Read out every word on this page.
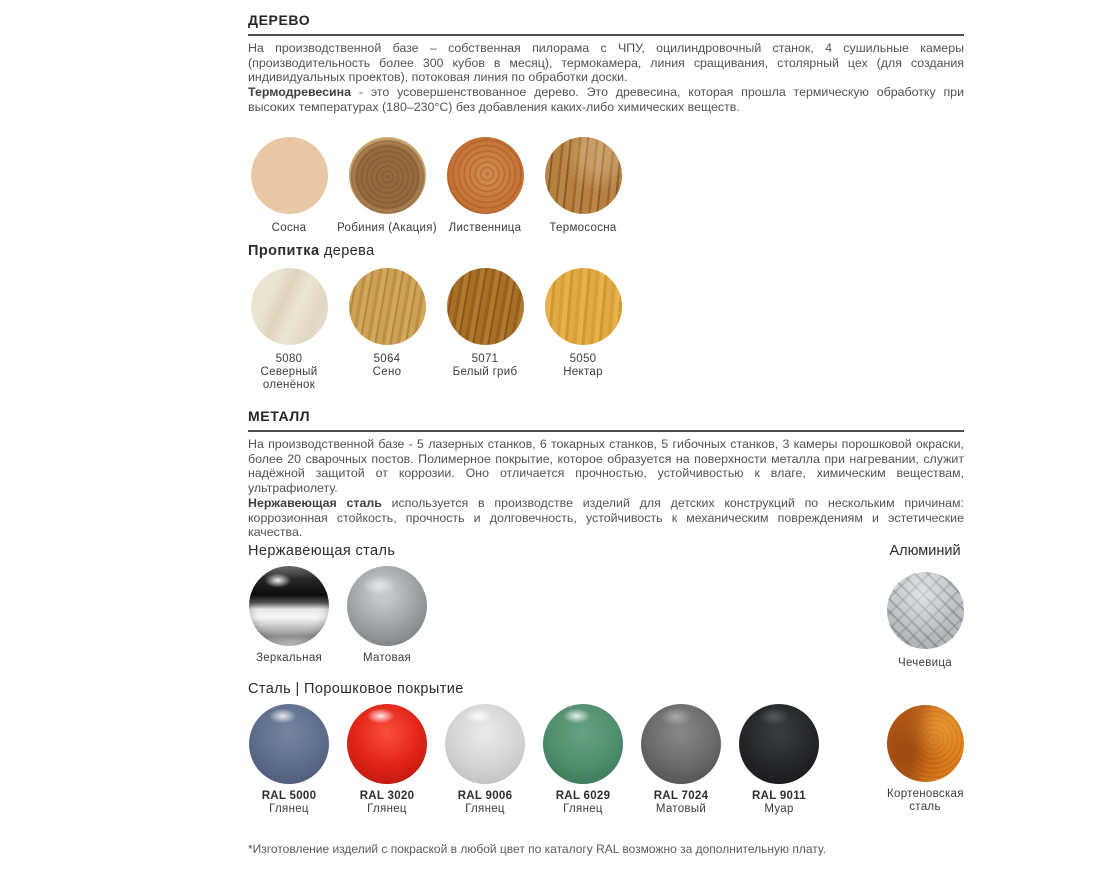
ДЕРЕВО

На производственной базе – собственная пилорама с ЧПУ, оцилиндровочный станок, 4 сушильные камеры (производительность более 300 кубов в месяц), термокамера, линия сращивания, столярный цех (для создания индивидуальных проектов), потоковая линия по обработки доски.

Термодревесина - это усовершенствованное дерево. Это древесина, которая прошла термическую обработку при высоких температурах (180–230°С) без добавления каких-либо химических веществ.

Сосна	Робиния (Акация) Лиственница Термососна
Пропитка дерева
5080
Северный оленёнок
5064
Сено
5071
Белый гриб
5050
Нектар
МЕТАЛЛ

На производственной базе - 5 лазерных станков, 6 токарных станков, 5 гибочных станков, 3 камеры порошковой окраски, более 20 сварочных постов. Полимерное покрытие, которое образуется на поверхности металла при нагревании, служит надёжной защитой от коррозии. Оно отличается прочностью, устойчивостью к влаге, химическим веществам, ультрафиолету.

Нержавеющая сталь используется в производстве изделий для детских конструкций по нескольким причинам: коррозионная стойкость, прочность и долговечность, устойчивость к механическим повреждениям и эстетические качества.

Нержавеющая сталь	Алюминий
Зеркальная	Матовая	Чечевица
Сталь | Порошковое покрытие
RAL 5000
Глянец
RAL 3020
Глянец
RAL 9006
Глянец
RAL 6029
Глянец
RAL 7024
Матовый
RAL 9011
Муар
Кортеновская сталь
*Изготовление изделий с покраской в любой цвет по каталогу RAL возможно за дополнительную плату.
